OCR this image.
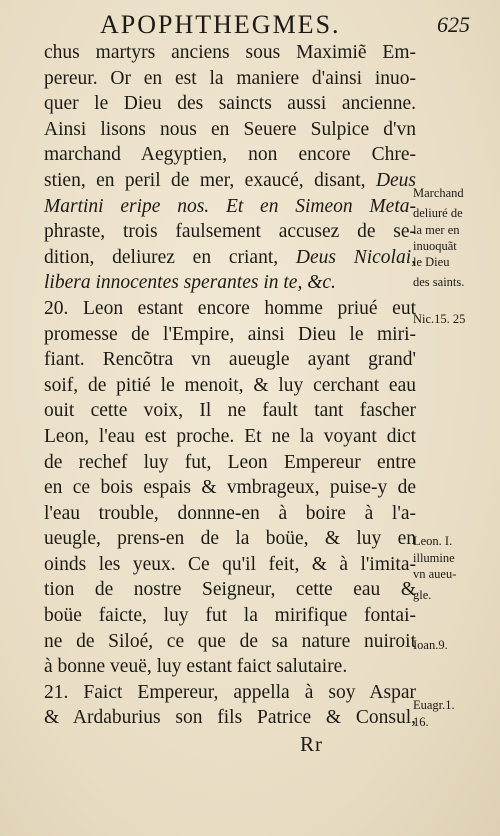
APOPHTHEGMES.	625
chus martyrs anciens sous Maximiẽ Em-
pereur. Or en est la maniere d'ainsi inuo-
quer le Dieu des saincts aussi ancienne.
Ainsi lisons nous en Seuere Sulpice d'vn
marchand Aegyptien, non encore Chre-
stien, en peril de mer, exaucé, disant, Deus
Martini eripe nos. Et en Simeon Meta-
phraste, trois faulsement accusez de se-
dition, deliurez en criant, Deus Nicolai,
libera innocentes sperantes in te, &c.
20. Leon estant encore homme priué eut
promesse de l'Empire, ainsi Dieu le miri-
fiant. Rencõtra vn aueugle ayant grand'
soif, de pitié le menoit, & luy cerchant eau
ouit cette voix, Il ne fault tant fascher
Leon, l'eau est proche. Et ne la voyant dict
de rechef luy fut, Leon Empereur entre
en ce bois espais & vmbrageux, puise-y de
l'eau trouble, donnne-en à boire à l'a-
ueugle, prens-en de la boüe, & luy en
oinds les yeux. Ce qu'il feit, & à l'imita-
tion de nostre Seigneur, cette eau &
boüe faicte, luy fut la mirifique fontai-
ne de Siloé, ce que de sa nature nuiroit
à bonne veuë, luy estant faict salutaire.
21. Faict Empereur, appella à soy Aspar
& Ardaburius son fils Patrice & Consul,
Marchand
deliuré de
la mer en
inuoquãt
le Dieu
des saints.
Nic.15. 25
Leon. I.
illumine
vn aueu-
gle.
Ioan.9.
Euagr.1.
16.
Rr
